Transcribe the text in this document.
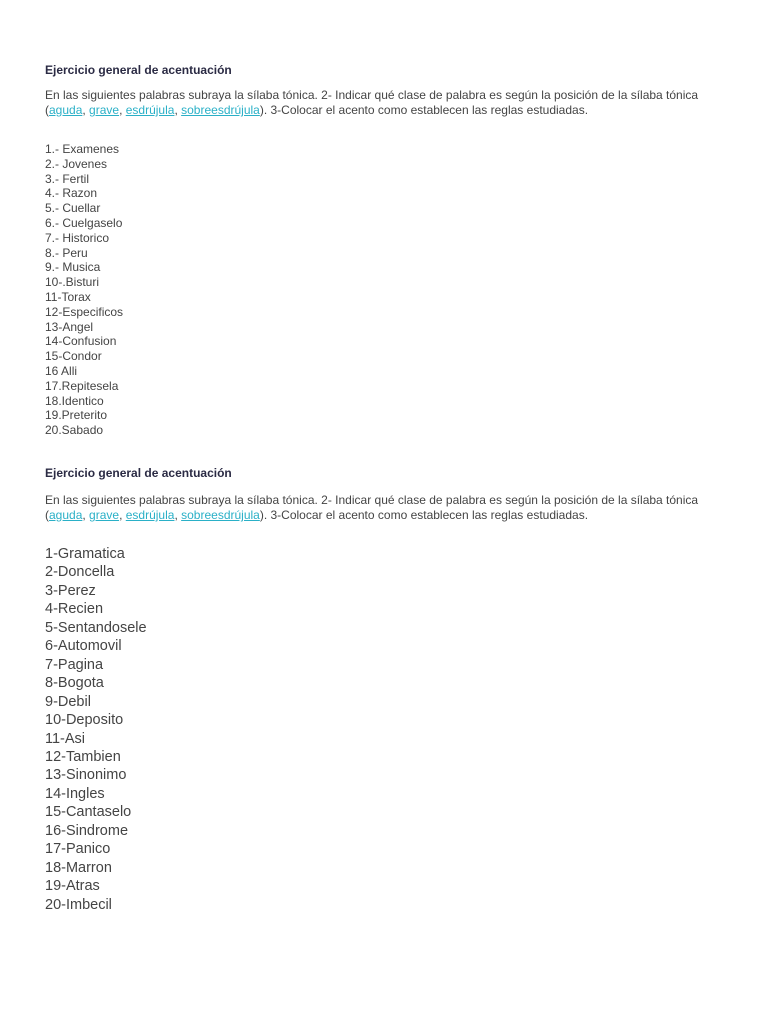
Ejercicio general de acentuación

En las siguientes palabras subraya la sílaba tónica. 2- Indicar qué clase de palabra es según la posición de la sílaba tónica (aguda, grave, esdrújula, sobreesdrújula). 3-Colocar el acento como establecen las reglas estudiadas.

1.- Examenes
2.- Jovenes
3.- Fertil
4.- Razon
5.- Cuellar
6.- Cuelgaselo
7.- Historico
8.- Peru
9.- Musica
10-.Bisturi
11-Torax
12-Especificos
13-Angel
14-Confusion
15-Condor
16 Alli
17.Repitesela
18.Identico
19.Preterito
20.Sabado
Ejercicio general de acentuación

En las siguientes palabras subraya la sílaba tónica. 2- Indicar qué clase de palabra es según la posición de la sílaba tónica (aguda, grave, esdrújula, sobreesdrújula). 3-Colocar el acento como establecen las reglas estudiadas.

1-Gramatica
2-Doncella
3-Perez
4-Recien
5-Sentandosele
6-Automovil
7-Pagina
8-Bogota
9-Debil
10-Deposito
11-Asi
12-Tambien
13-Sinonimo
14-Ingles
15-Cantaselo
16-Sindrome
17-Panico
18-Marron
19-Atras
20-Imbecil
